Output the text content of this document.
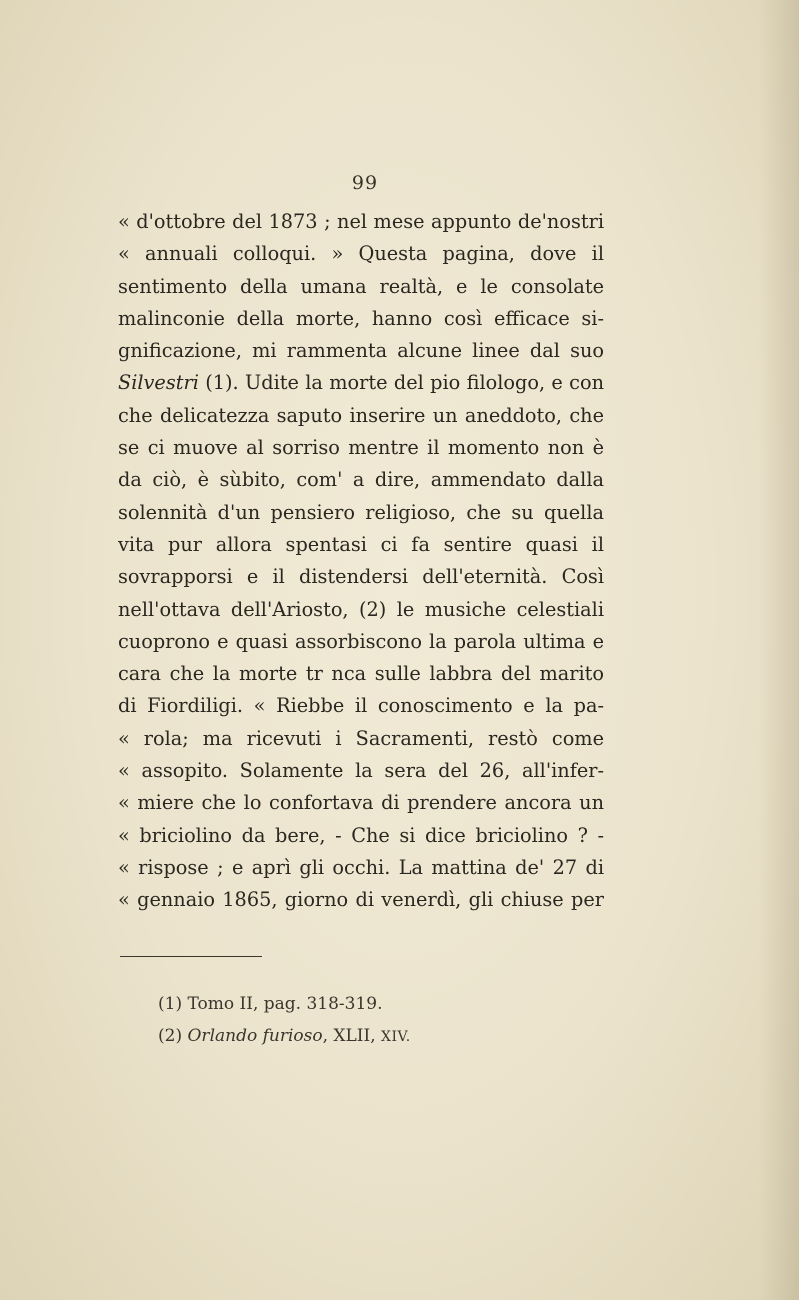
99
« d'ottobre del 1873 ; nel mese appunto de'nostri
« annuali colloqui. » Questa pagina, dove il
sentimento della umana realtà, e le consolate
malinconie della morte, hanno così efficace si-
gnificazione, mi rammenta alcune linee dal suo
Silvestri (1). Udite la morte del pio filologo, e con
che delicatezza saputo inserire un aneddoto, che
se ci muove al sorriso mentre il momento non è
da ciò, è sùbito, com' a dire, ammendato dalla
solennità d'un pensiero religioso, che su quella
vita pur allora spentasi ci fa sentire quasi il
sovrapporsi e il distendersi dell'eternità. Così
nell'ottava dell'Ariosto, (2) le musiche celestiali
cuoprono e quasi assorbiscono la parola ultima e
cara che la morte tr nca sulle labbra del marito
di Fiordiligi. « Riebbe il conoscimento e la pa-
« rola; ma ricevuti i Sacramenti, restò come
« assopito. Solamente la sera del 26, all'infer-
« miere che lo confortava di prendere ancora un
« briciolino da bere, - Che si dice briciolino ? -
« rispose ; e aprì gli occhi. La mattina de' 27 di
« gennaio 1865, giorno di venerdì, gli chiuse per
(1) Tomo II, pag. 318-319.
(2) Orlando furioso, XLII, XIV.
